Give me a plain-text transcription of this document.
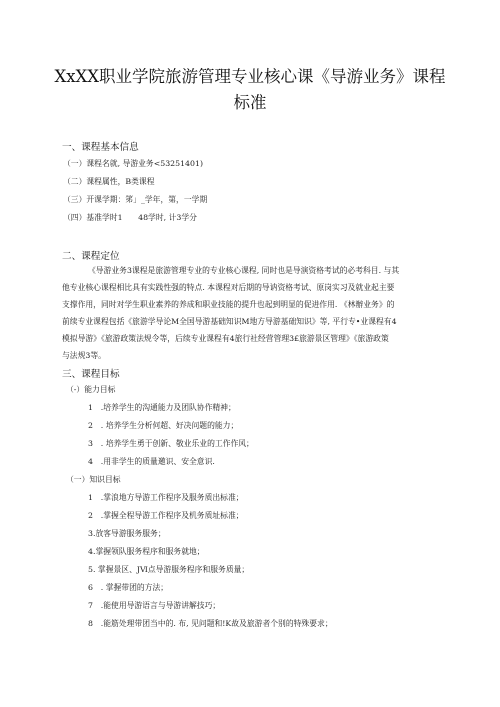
XxXX职业学院旅游管理专业核心课《导游业务》课程
标准
一、课程基本信息
（一）课程名就, 导游业务<53251401)
（二）课程属性，B类课程
（三）开课学期：笫」_学年，第，一学期
（四）基准学时1　　48学时, 计3学分
二、课程定位
《导游业务3课程是旅游管理专业的专业核心课程, 同时也是导演资格考试的必考科目. 与其
他专业核心课程相比具有实践性强的特点. 本课程对后期的导讷资格考试、原岗实习及就业起主要
支撑作用，同时对学生职业素养的养成和职业技能的提升也起到明显的促进作用. 《林辦业务》的
前续专业课程包括《旅游学导论M全国导游基础知识M地方导游基础知识》等, 平行专•业课程有4
模拟导游》《旅游政策法规令等，后续专业课程有4旅行社经营管理3£旅游景区管理》《旅游政策
与法规3等。
三、课程目标
（-）能力目标
1　.培养学生的沟通能力及团队协作精神；
2　. 培养学生分析何超、好决问题的能力；
3　. 培养学生勇于创新、敬业乐业的工作作风；
4　.用非学生的质量邀识、安全意识.
（一）知识目标
1　.掌浪地方导游工作程序及服务质出标准；
2　.掌握全程导游工作程序及机务质址标准；
3.放客导游服务服务；
4.掌握领队服务程序和服务就地；
5. 掌握景区、JⅥ点导游服务程序和服务质量；
6　. 掌握带团的方法；
7　.能使用导游语言与导游讲解技巧；
8　.能筋处理带团当中的. 布, 见问题和!K故及旅游者个别的特殊要求；
